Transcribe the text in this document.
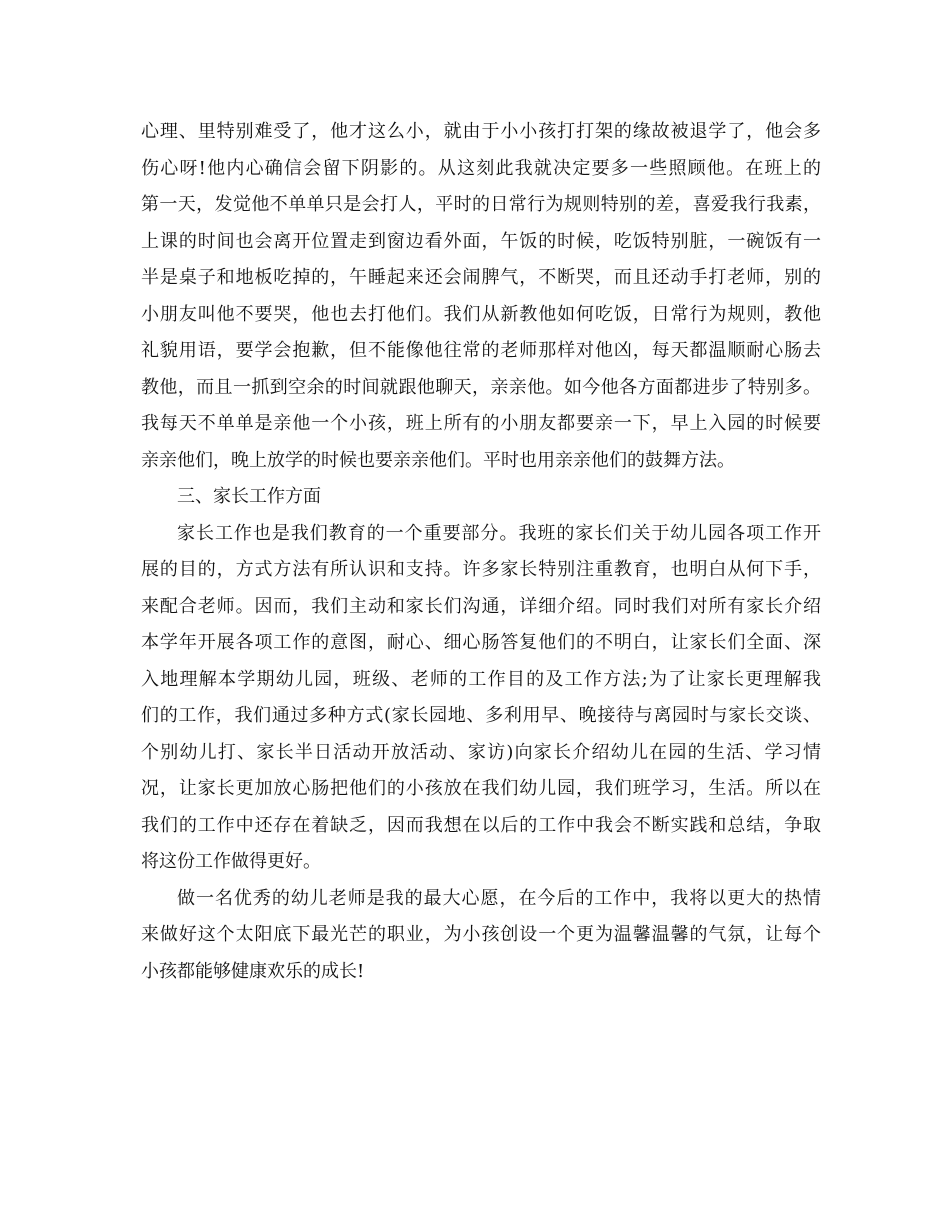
心理、里特别难受了，他才这么小，就由于小小孩打打架的缘故被退学了，他会多
伤心呀!他内心确信会留下阴影的。从这刻此我就决定要多一些照顾他。在班上的
第一天，发觉他不单单只是会打人，平时的日常行为规则特别的差，喜爱我行我素，
上课的时间也会离开位置走到窗边看外面，午饭的时候，吃饭特别脏，一碗饭有一
半是桌子和地板吃掉的，午睡起来还会闹脾气，不断哭，而且还动手打老师，别的
小朋友叫他不要哭，他也去打他们。我们从新教他如何吃饭，日常行为规则，教他
礼貌用语，要学会抱歉，但不能像他往常的老师那样对他凶，每天都温顺耐心肠去
教他，而且一抓到空余的时间就跟他聊天，亲亲他。如今他各方面都进步了特别多。
我每天不单单是亲他一个小孩，班上所有的小朋友都要亲一下，早上入园的时候要
亲亲他们，晚上放学的时候也要亲亲他们。平时也用亲亲他们的鼓舞方法。
三、家长工作方面
家长工作也是我们教育的一个重要部分。我班的家长们关于幼儿园各项工作开
展的目的，方式方法有所认识和支持。许多家长特别注重教育，也明白从何下手，
来配合老师。因而，我们主动和家长们沟通，详细介绍。同时我们对所有家长介绍
本学年开展各项工作的意图，耐心、细心肠答复他们的不明白，让家长们全面、深
入地理解本学期幼儿园，班级、老师的工作目的及工作方法;为了让家长更理解我
们的工作，我们通过多种方式(家长园地、多利用早、晚接待与离园时与家长交谈、
个别幼儿打、家长半日活动开放活动、家访)向家长介绍幼儿在园的生活、学习情
况，让家长更加放心肠把他们的小孩放在我们幼儿园，我们班学习，生活。所以在
我们的工作中还存在着缺乏，因而我想在以后的工作中我会不断实践和总结，争取
将这份工作做得更好。
做一名优秀的幼儿老师是我的最大心愿，在今后的工作中，我将以更大的热情
来做好这个太阳底下最光芒的职业，为小孩创设一个更为温馨温馨的气氛，让每个
小孩都能够健康欢乐的成长!
